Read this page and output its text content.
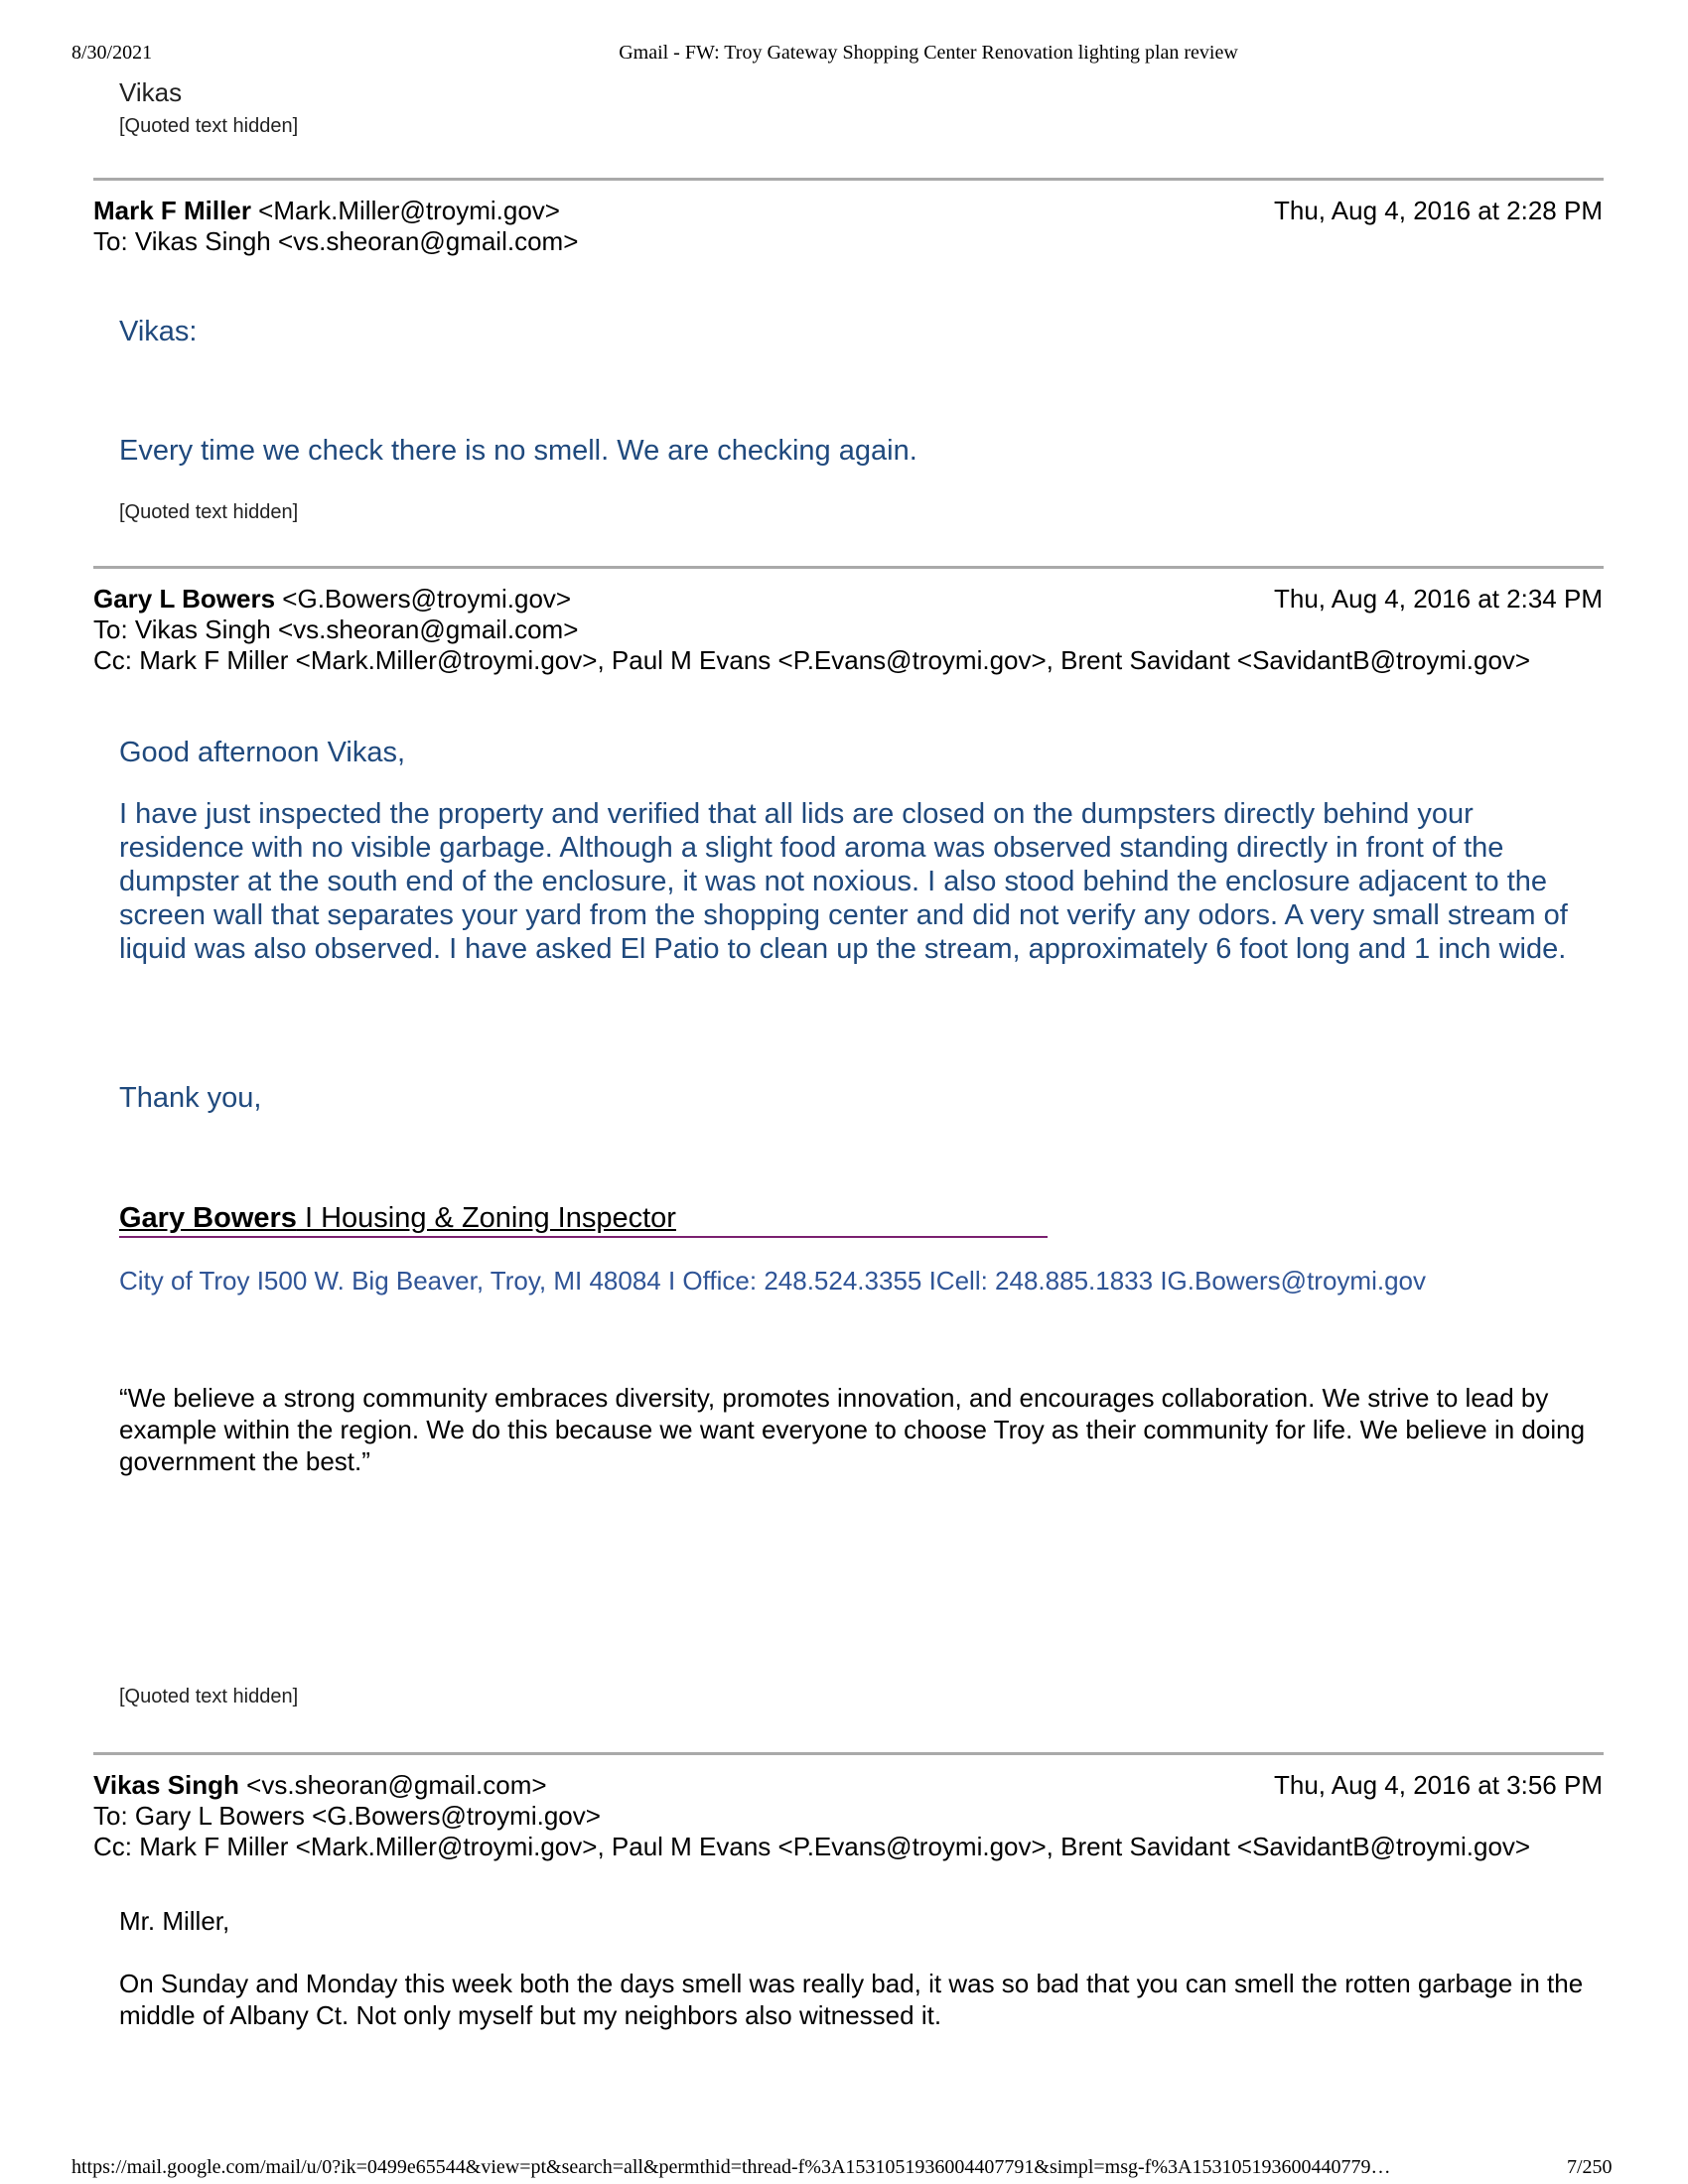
8/30/2021	Gmail - FW: Troy Gateway Shopping Center Renovation lighting plan review
Vikas
[Quoted text hidden]
Mark F Miller <Mark.Miller@troymi.gov>	Thu, Aug 4, 2016 at 2:28 PM
To: Vikas Singh <vs.sheoran@gmail.com>
Vikas:
Every time we check there is no smell. We are checking again.
[Quoted text hidden]
Gary L Bowers <G.Bowers@troymi.gov>	Thu, Aug 4, 2016 at 2:34 PM
To: Vikas Singh <vs.sheoran@gmail.com>
Cc: Mark F Miller <Mark.Miller@troymi.gov>, Paul M Evans <P.Evans@troymi.gov>, Brent Savidant <SavidantB@troymi.gov>
Good afternoon Vikas,
I have just inspected the property and verified that all lids are closed on the dumpsters directly behind your residence with no visible garbage. Although a slight food aroma was observed standing directly in front of the dumpster at the south end of the enclosure, it was not noxious. I also stood behind the enclosure adjacent to the screen wall that separates your yard from the shopping center and did not verify any odors. A very small stream of liquid was also observed. I have asked El Patio to clean up the stream, approximately 6 foot long and 1 inch wide.
Thank you,
Gary Bowers I Housing & Zoning Inspector
City of Troy I500 W. Big Beaver, Troy, MI 48084 I Office: 248.524.3355 ICell: 248.885.1833 IG.Bowers@troymi.gov
“We believe a strong community embraces diversity, promotes innovation, and encourages collaboration. We strive to lead by example within the region. We do this because we want everyone to choose Troy as their community for life. We believe in doing government the best.”
[Quoted text hidden]
Vikas Singh <vs.sheoran@gmail.com>	Thu, Aug 4, 2016 at 3:56 PM
To: Gary L Bowers <G.Bowers@troymi.gov>
Cc: Mark F Miller <Mark.Miller@troymi.gov>, Paul M Evans <P.Evans@troymi.gov>, Brent Savidant <SavidantB@troymi.gov>
Mr. Miller,
On Sunday and Monday this week both the days smell was really bad, it was so bad that you can smell the rotten garbage in the middle of Albany Ct. Not only myself but my neighbors also witnessed it.
https://mail.google.com/mail/u/0?ik=0499e65544&view=pt&search=all&permthid=thread-f%3A1531051936004407791&simpl=msg-f%3A153105193600440779…	7/250
